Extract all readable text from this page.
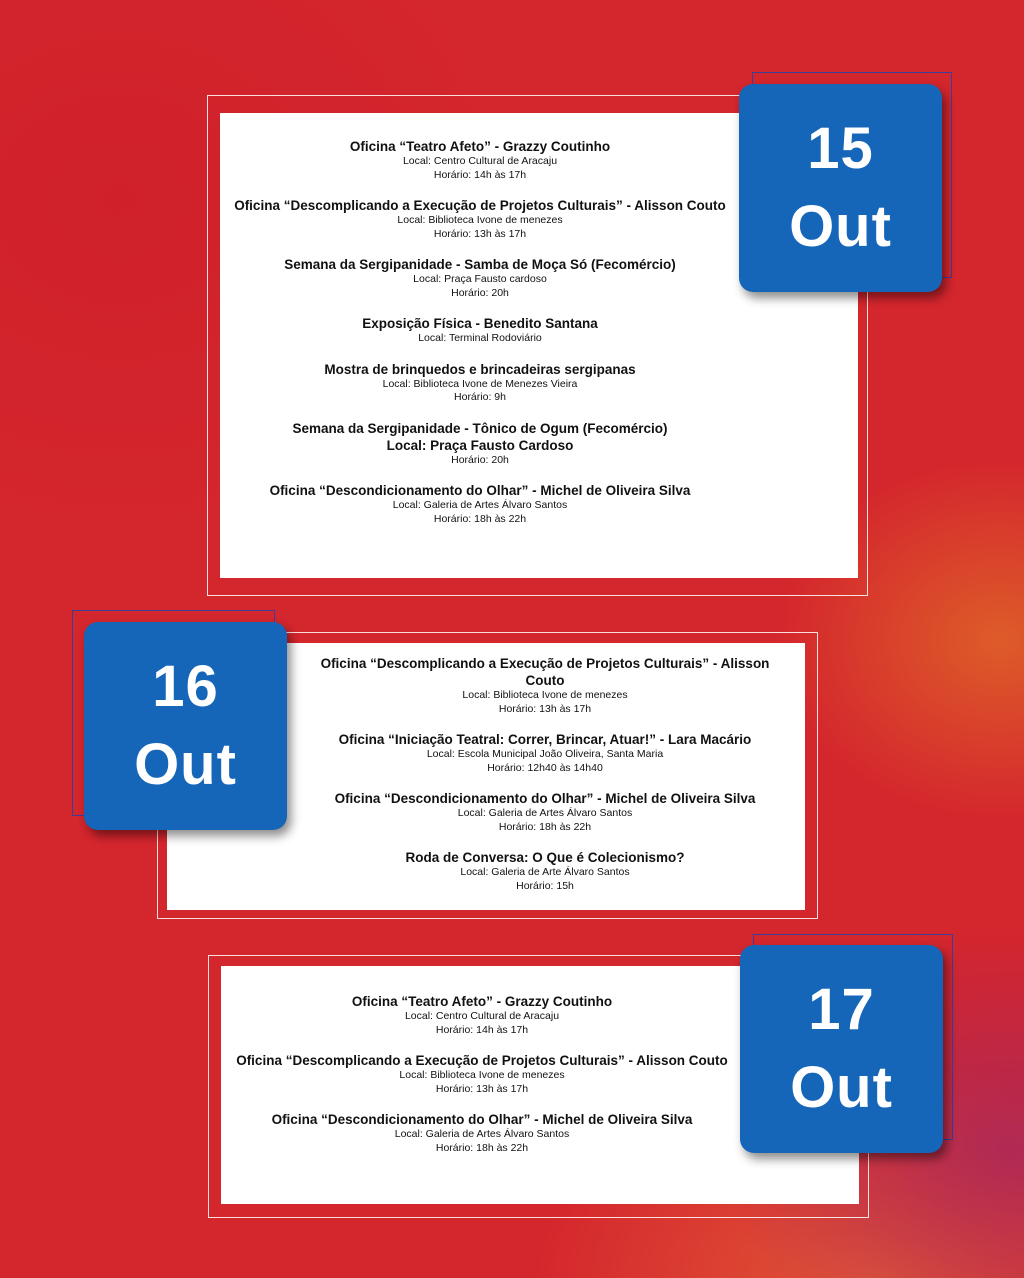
Oficina “Teatro Afeto” - Grazzy Coutinho
Local: Centro Cultural de Aracaju
Horário: 14h às 17h
Oficina “Descomplicando a Execução de Projetos Culturais” - Alisson Couto
Local: Biblioteca Ivone de menezes
Horário: 13h às 17h
Semana da Sergipanidade - Samba de Moça Só (Fecomércio)
Local: Praça Fausto cardoso
Horário: 20h
Exposição Física - Benedito Santana
Local: Terminal Rodoviário
Mostra de brinquedos e brincadeiras sergipanas
Local: Biblioteca Ivone de Menezes Vieira
Horário: 9h
Semana da Sergipanidade - Tônico de Ogum (Fecomércio)
Local: Praça Fausto Cardoso
Horário: 20h
Oficina “Descondicionamento do Olhar” - Michel de Oliveira Silva
Local: Galeria de Artes Álvaro Santos
Horário: 18h às 22h
15
Out
Oficina “Descomplicando a Execução de Projetos Culturais” - Alisson Couto
Local: Biblioteca Ivone de menezes
Horário: 13h às 17h
Oficina “Iniciação Teatral: Correr, Brincar, Atuar!” - Lara Macário
Local: Escola Municipal João Oliveira, Santa Maria
Horário: 12h40 às 14h40
Oficina “Descondicionamento do Olhar” - Michel de Oliveira Silva
Local: Galeria de Artes Álvaro Santos
Horário: 18h às 22h
Roda de Conversa: O Que é Colecionismo?
Local: Galeria de Arte Álvaro Santos
Horário: 15h
16
Out
Oficina “Teatro Afeto” - Grazzy Coutinho
Local: Centro Cultural de Aracaju
Horário: 14h às 17h
Oficina “Descomplicando a Execução de Projetos Culturais” - Alisson Couto
Local: Biblioteca Ivone de menezes
Horário: 13h às 17h
Oficina “Descondicionamento do Olhar” - Michel de Oliveira Silva
Local: Galeria de Artes Álvaro Santos
Horário: 18h às 22h
17
Out
